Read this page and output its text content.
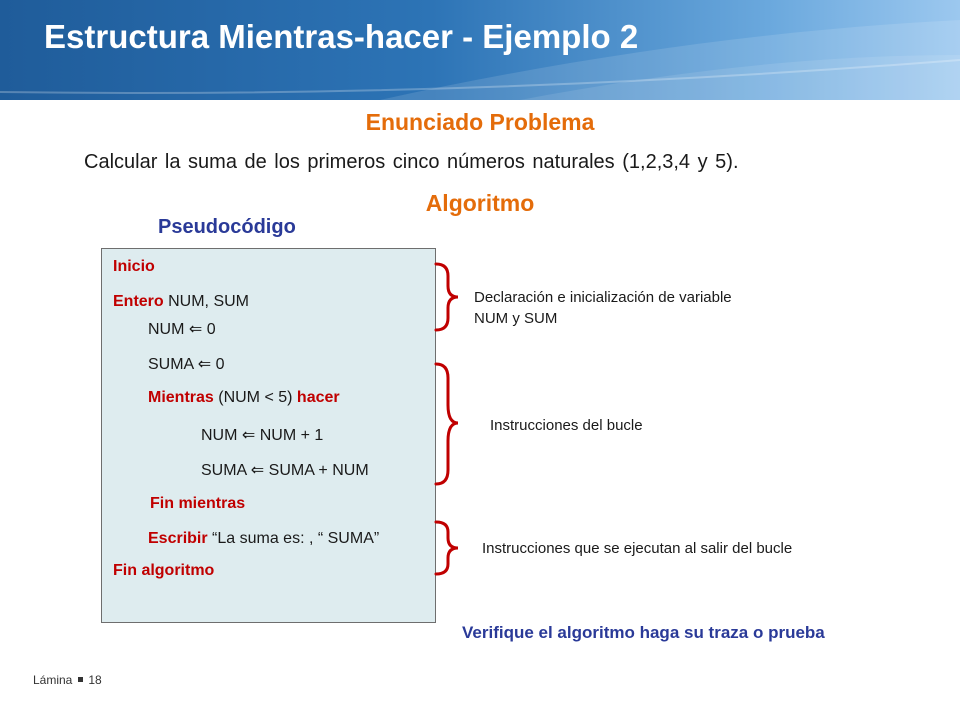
Estructura Mientras-hacer - Ejemplo 2
Enunciado Problema
Calcular la suma de los primeros cinco números naturales (1,2,3,4 y 5).
Algoritmo
Pseudocódigo
Inicio
Entero NUM, SUM
NUM ⇐ 0
SUMA ⇐ 0
Mientras (NUM < 5) hacer
NUM ⇐ NUM + 1
SUMA ⇐ SUMA + NUM
Fin mientras
Escribir “La suma es: , “ SUMA”
Fin algoritmo
Declaración e inicialización de variable
NUM y SUM
Instrucciones del bucle
Instrucciones que se ejecutan al salir del bucle
Verifique el algoritmo haga su traza o prueba
Lámina 18
